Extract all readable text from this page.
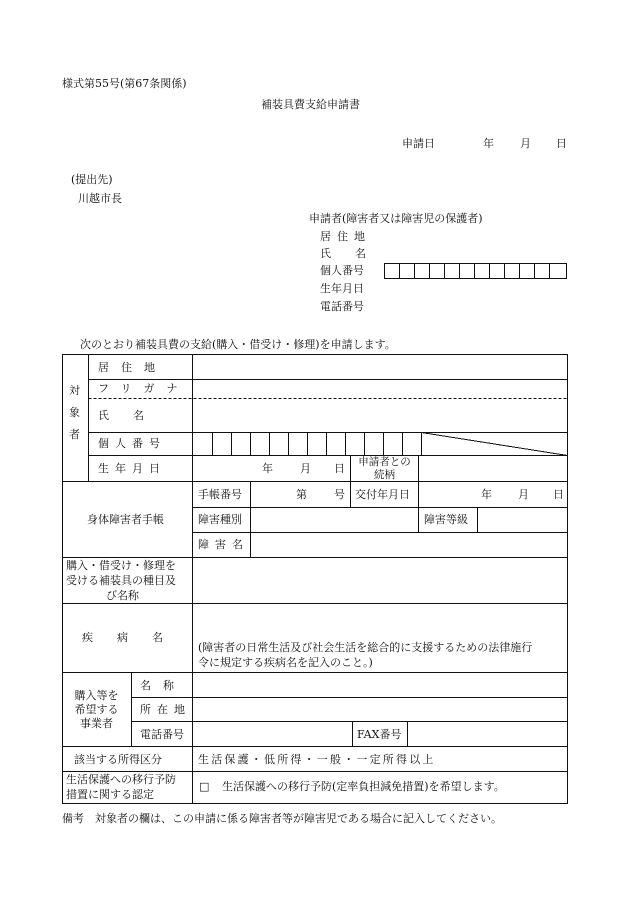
様式第55号(第67条関係)
補装具費支給申請書
申請日	年 月 日
(提出先)
川越市長
申請者(障害者又は障害児の保護者)
居住地
氏名
個人番号
生年月日
電話番号
次のとおり補装具費の支給(購入・借受け・修理)を申請します。
対象者
居住地
フリガナ
氏名
個人番号
生年月日	年 月 日	申請者との
続柄
身体障害者手帳
手帳番号	第 号 交付年月日	年 月 日
障害種別	障害等級
障害名
購入・借受け・修理を
受ける補装具の種目及
び名称
疾病名
(障害者の日常生活及び社会生活を総合的に支援するための法律施行
令に規定する疾病名を記入のこと。)
購入等を
希望する
事業者
名称
所在地
電話番号	FAX番号
該当する所得区分	生活保護・低所得・一般・一定所得以上
生活保護への移行予防
措置に関する認定
□ 生活保護への移行予防(定率負担減免措置)を希望します。
備考　対象者の欄は、この申請に係る障害者等が障害児である場合に記入してください。
